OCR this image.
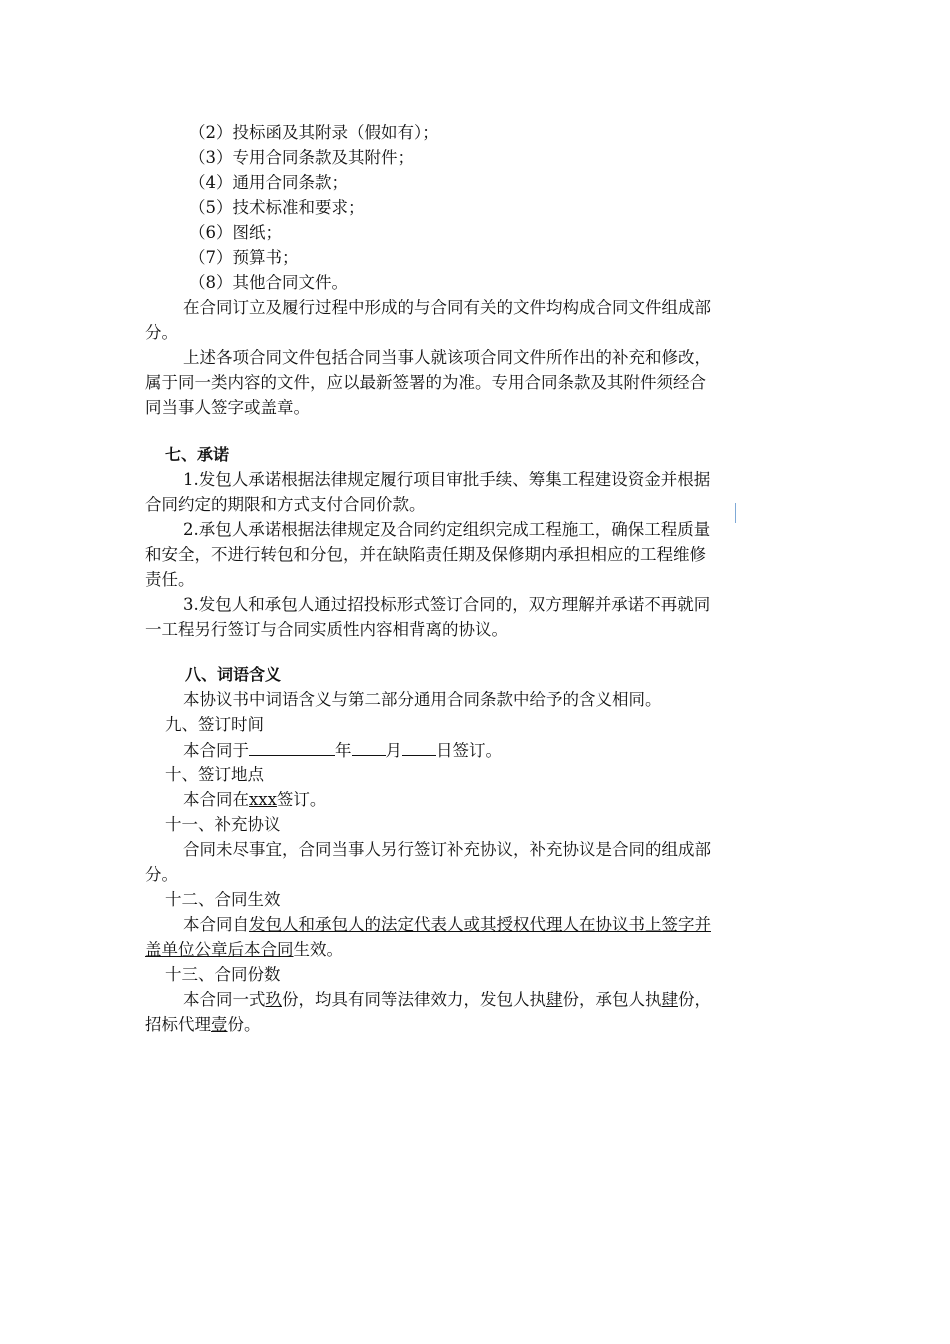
（2）投标函及其附录（假如有）；
（3）专用合同条款及其附件；
（4）通用合同条款；
（5）技术标准和要求；
（6）图纸；
（7）预算书；
（8）其他合同文件。
在合同订立及履行过程中形成的与合同有关的文件均构成合同文件组成部
分。
上述各项合同文件包括合同当事人就该项合同文件所作出的补充和修改，
属于同一类内容的文件，应以最新签署的为准。专用合同条款及其附件须经合
同当事人签字或盖章。
七、承诺
1.发包人承诺根据法律规定履行项目审批手续、筹集工程建设资金并根据
合同约定的期限和方式支付合同价款。
2.承包人承诺根据法律规定及合同约定组织完成工程施工，确保工程质量
和安全，不进行转包和分包，并在缺陷责任期及保修期内承担相应的工程维修
责任。
3.发包人和承包人通过招投标形式签订合同的，双方理解并承诺不再就同
一工程另行签订与合同实质性内容相背离的协议。
八、词语含义
本协议书中词语含义与第二部分通用合同条款中给予的含义相同。
九、签订时间
本合同于	年 月 日签订。
十、签订地点
本合同在xxx签订。
十一、补充协议
合同未尽事宜，合同当事人另行签订补充协议，补充协议是合同的组成部
分。
十二、合同生效
本合同自发包人和承包人的法定代表人或其授权代理人在协议书上签字并
盖单位公章后本合同生效。
十三、合同份数
本合同一式玖份，均具有同等法律效力，发包人执肆份，承包人执肆份，
招标代理壹份。
